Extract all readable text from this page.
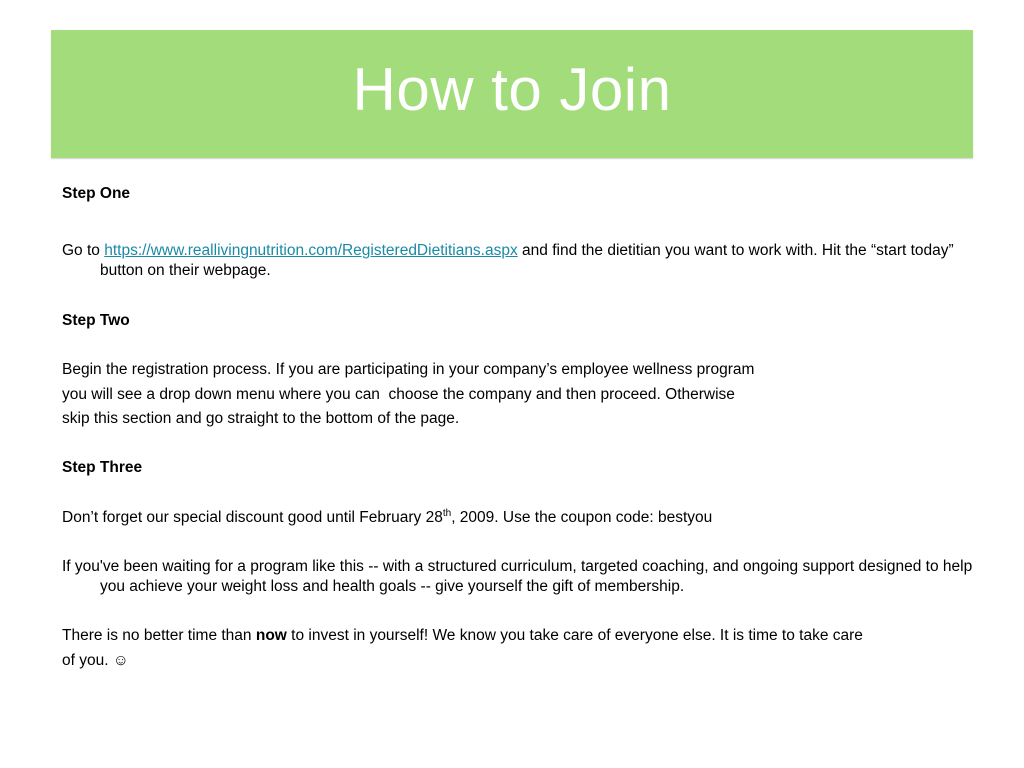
How to Join

Step One

Go to https://www.reallivingnutrition.com/RegisteredDietitians.aspx and find the dietitian you want to work with. Hit the “start today” button on their webpage.

Step Two

Begin the registration process. If you are participating in your company’s employee wellness program

you will see a drop down menu where you can  choose the company and then proceed. Otherwise

skip this section and go straight to the bottom of the page.

Step Three

Don’t forget our special discount good until February 28th, 2009. Use the coupon code: bestyou

If you've been waiting for a program like this -- with a structured curriculum, targeted coaching, and ongoing support designed to help you achieve your weight loss and health goals -- give yourself the gift of membership.

There is no better time than now to invest in yourself! We know you take care of everyone else. It is time to take care

of you. ☺
